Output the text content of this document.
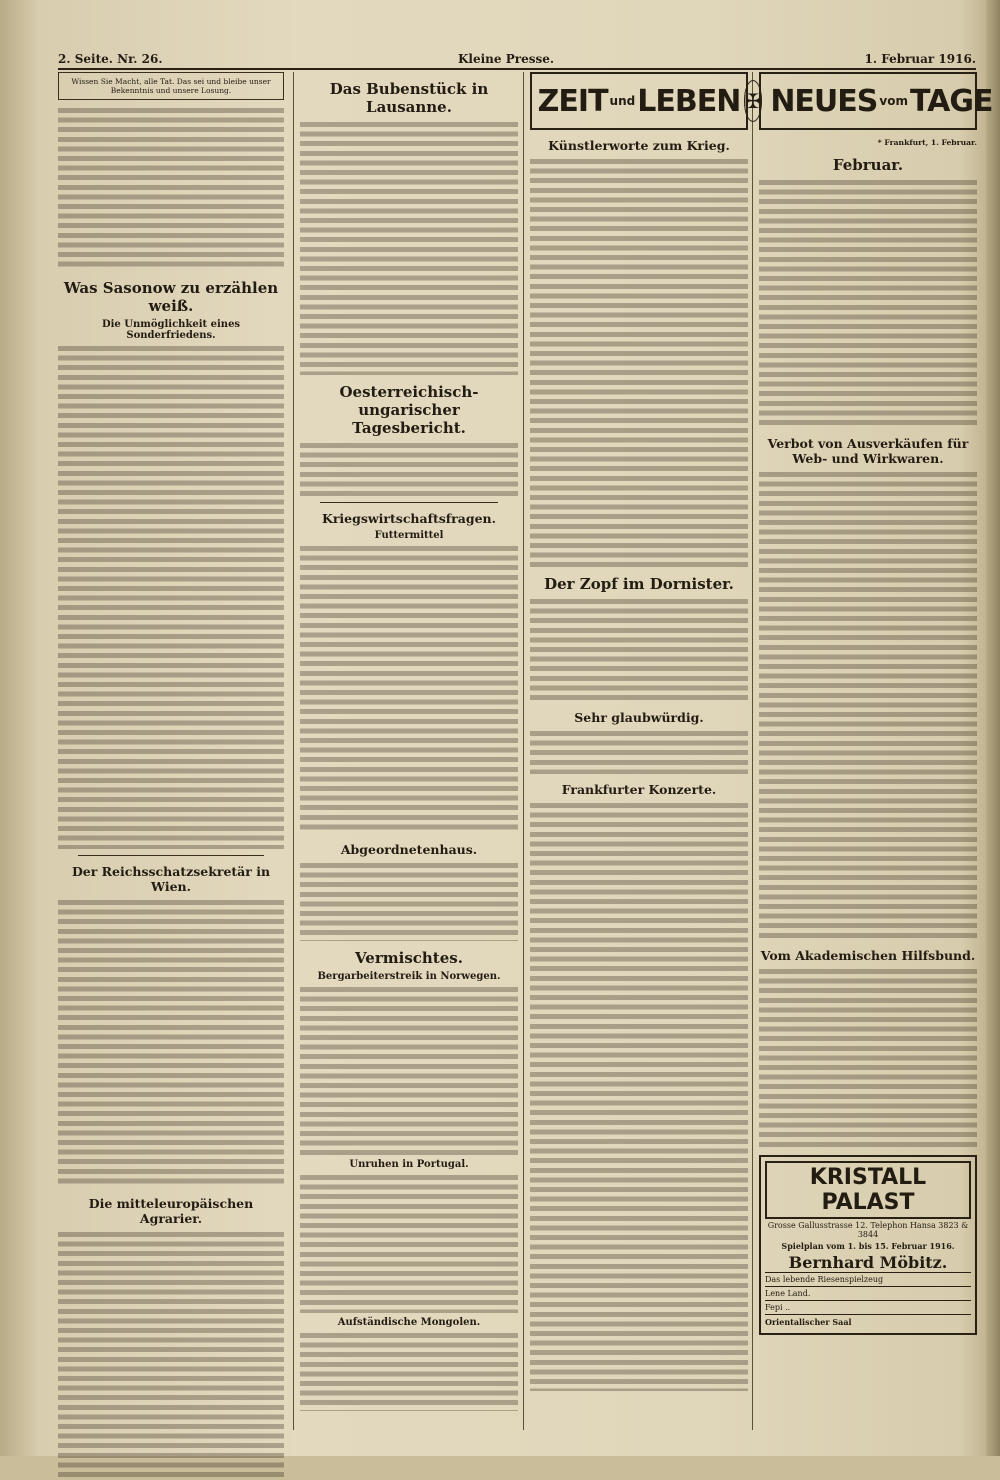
2. Seite. Nr. 26.	Kleine Presse.	1. Februar 1916.
Wissen Sie Macht, alle Tat. Das sei und bleibe unser Bekenntnis und unsere Losung.
Was Sasonow zu erzählen weiß.
Die Unmöglichkeit eines Sonderfriedens.
Der Reichsschatzsekretär in Wien.
Die mitteleuropäischen Agrarier.
Das Bubenstück in Lausanne.
Oesterreichisch-ungarischer Tagesbericht.
Kriegswirtschaftsfragen.
Futtermittel
Abgeordnetenhaus.
Vermischtes.
Bergarbeiterstreik in Norwegen.
Unruhen in Portugal.
Aufständische Mongolen.
ZEIT und LEBEN
Künstlerworte zum Krieg.
Der Zopf im Dornister.
Sehr glaubwürdig.
Frankfurter Konzerte.
✠ NEUES vom TAGE
* Frankfurt, 1. Februar.
Februar.
Verbot von Ausverkäufen für Web- und Wirkwaren.
Vom Akademischen Hilfsbund.
KRISTALL PALAST
Grosse Gallusstrasse 12. Telephon Hansa 3823 & 3844
Spielplan vom 1. bis 15. Februar 1916.
Bernhard Möbitz.
Das lebende Riesenspielzeug
Lene Land.
Fepi ..
Orientalischer Saal
